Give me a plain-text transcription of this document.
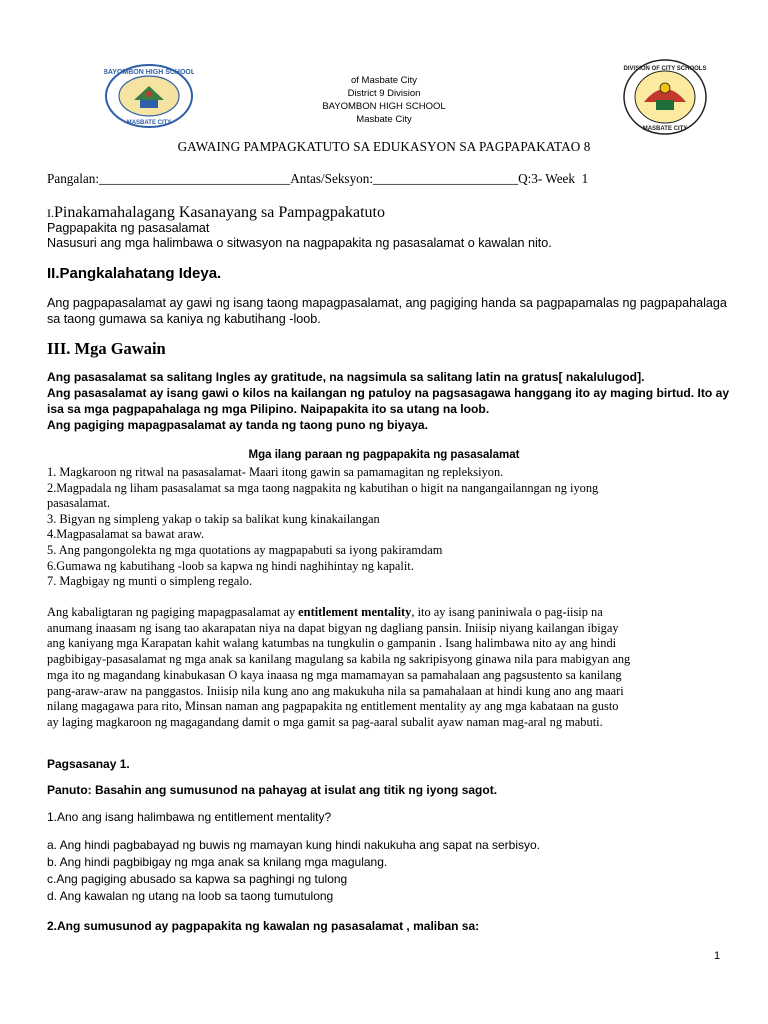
BAYOMBON HIGH SCHOOL
MASBATE CITY
DIVISION OF CITY SCHOOLS
MASBATE CITY
of Masbate City
District 9 Division
BAYOMBON HIGH SCHOOL
Masbate City
GAWAING PAMPAGKATUTO SA EDUKASYON SA PAGPAPAKATAO 8
Pangalan:_____________________________Antas/Seksyon:______________________Q:3- Week  1
I.Pinakamahalagang Kasanayang sa Pampagpakatuto
Pagpapakita ng pasasalamat
Nasusuri ang mga halimbawa o sitwasyon na nagpapakita ng pasasalamat o kawalan nito.
II.Pangkalahatang Ideya.
Ang pagpapasalamat ay gawi ng isang taong mapagpasalamat, ang pagiging handa sa pagpapamalas ng pagpapahalaga
sa taong gumawa sa kaniya ng kabutihang -loob.
III. Mga Gawain
Ang pasasalamat sa salitang Ingles ay gratitude, na nagsimula sa salitang latin na gratus[ nakalulugod].
Ang pasasalamat ay isang gawi o kilos na kailangan ng patuloy na pagsasagawa hanggang ito ay maging birtud. Ito ay
isa sa mga pagpapahalaga ng mga Pilipino. Naipapakita ito sa utang na loob.
Ang pagiging mapagpasalamat ay tanda ng taong puno ng biyaya.
Mga ilang paraan ng pagpapakita ng pasasalamat
1. Magkaroon ng ritwal na pasasalamat- Maari itong gawin sa pamamagitan ng repleksiyon.
2.Magpadala ng liham pasasalamat sa mga taong nagpakita ng kabutihan o higit na nangangailanngan ng iyong
pasasalamat.
3. Bigyan ng simpleng yakap o takip sa balikat kung kinakailangan
4.Magpasalamat sa bawat araw.
5. Ang pangongolekta ng mga quotations ay magpapabuti sa iyong pakiramdam
6.Gumawa ng kabutihang -loob sa kapwa ng hindi naghihintay ng kapalit.
7. Magbigay ng munti o simpleng regalo.
Ang kabaligtaran ng pagiging mapagpasalamat ay entitlement mentality, ito ay isang paniniwala o pag-iisip na
anumang inaasam ng isang tao akarapatan niya na dapat bigyan ng dagliang pansin. Iniisip niyang kailangan ibigay
ang kaniyang mga Karapatan kahit walang katumbas na tungkulin o gampanin . Isang halimbawa nito ay ang hindi
pagbibigay-pasasalamat ng mga anak sa kanilang magulang sa kabila ng sakripisyong ginawa nila para mabigyan ang
mga ito ng magandang kinabukasan O kaya inaasa ng mga mamamayan sa pamahalaan ang pagsustento sa kanilang
pang-araw-araw na panggastos. Iniisip nila kung ano ang makukuha nila sa pamahalaan at hindi kung ano ang maari
nilang magagawa para rito, Minsan naman ang pagpapakita ng entitlement mentality ay ang mga kabataan na gusto
ay laging magkaroon ng magagandang damit o mga gamit sa pag-aaral subalit ayaw naman mag-aral ng mabuti.
Pagsasanay 1.
Panuto: Basahin ang sumusunod na pahayag at isulat ang titik ng iyong sagot.
1.Ano ang isang halimbawa ng entitlement mentality?
a. Ang hindi pagbabayad ng buwis ng mamayan kung hindi nakukuha ang sapat na serbisyo.
b. Ang hindi pagbibigay ng mga anak sa knilang mga magulang.
c.Ang pagiging abusado sa kapwa sa paghingi ng tulong
d. Ang kawalan ng utang na loob sa taong tumutulong
2.Ang sumusunod ay pagpapakita ng kawalan ng pasasalamat , maliban sa:
1
